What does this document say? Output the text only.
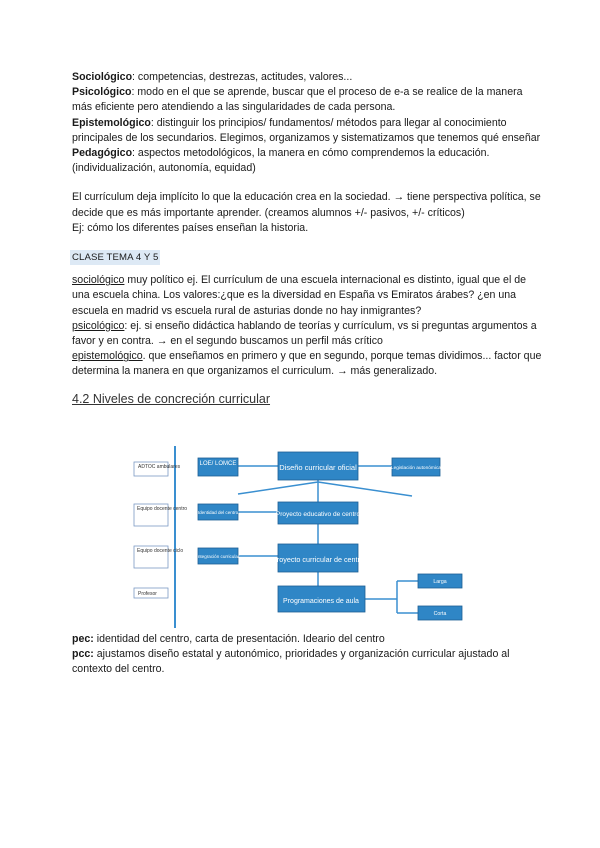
Sociológico: competencias, destrezas, actitudes, valores...

Psicológico: modo en el que se aprende, buscar que el proceso de e-a se realice de la manera más eficiente pero atendiendo a las singularidades de cada persona.

Epistemológico: distinguir los principios/ fundamentos/ métodos para llegar al conocimiento principales de los secundarios. Elegimos, organizamos y sistematizamos que tenemos qué enseñar

Pedagógico: aspectos metodológicos, la manera en cómo comprendemos la educación. (individualización, autonomía, equidad)

El currículum deja implícito lo que la educación crea en la sociedad. → tiene perspectiva política, se decide que es más importante aprender. (creamos alumnos +/- pasivos, +/- críticos)

Ej: cómo los diferentes países enseñan la historia.

CLASE TEMA 4 Y 5

sociológico muy político ej. El currículum de una escuela internacional es distinto, igual que el de una escuela china. Los valores:¿que es la diversidad en España vs Emiratos árabes? ¿en una escuela en madrid vs escuela rural de asturias donde no hay inmigrantes?
psicológico: ej. si enseño didáctica hablando de teorías y currículum, vs si preguntas argumentos a favor y en contra. → en el segundo buscamos un perfil más crítico
epistemológico. que enseñamos en primero y que en segundo, porque temas dividimos... factor que determina la manera en que organizamos el curriculum. → más generalizado.

4.2 Niveles de concreción curricular
ADTOC ambulares
Equipo docente centro
Equipo docente ciclo
Profesor
LOE/ LOMCE
Identidad del centro
Integración curricular
Diseño curricular oficial
Proyecto educativo de centro
Proyecto curricular de centro
Programaciones de aula
Legislación autonómica
Larga
Corta

pec: identidad del centro, carta de presentación. Ideario del centro

pcc: ajustamos diseño estatal y autonómico, prioridades y organización curricular ajustado al contexto del centro.
